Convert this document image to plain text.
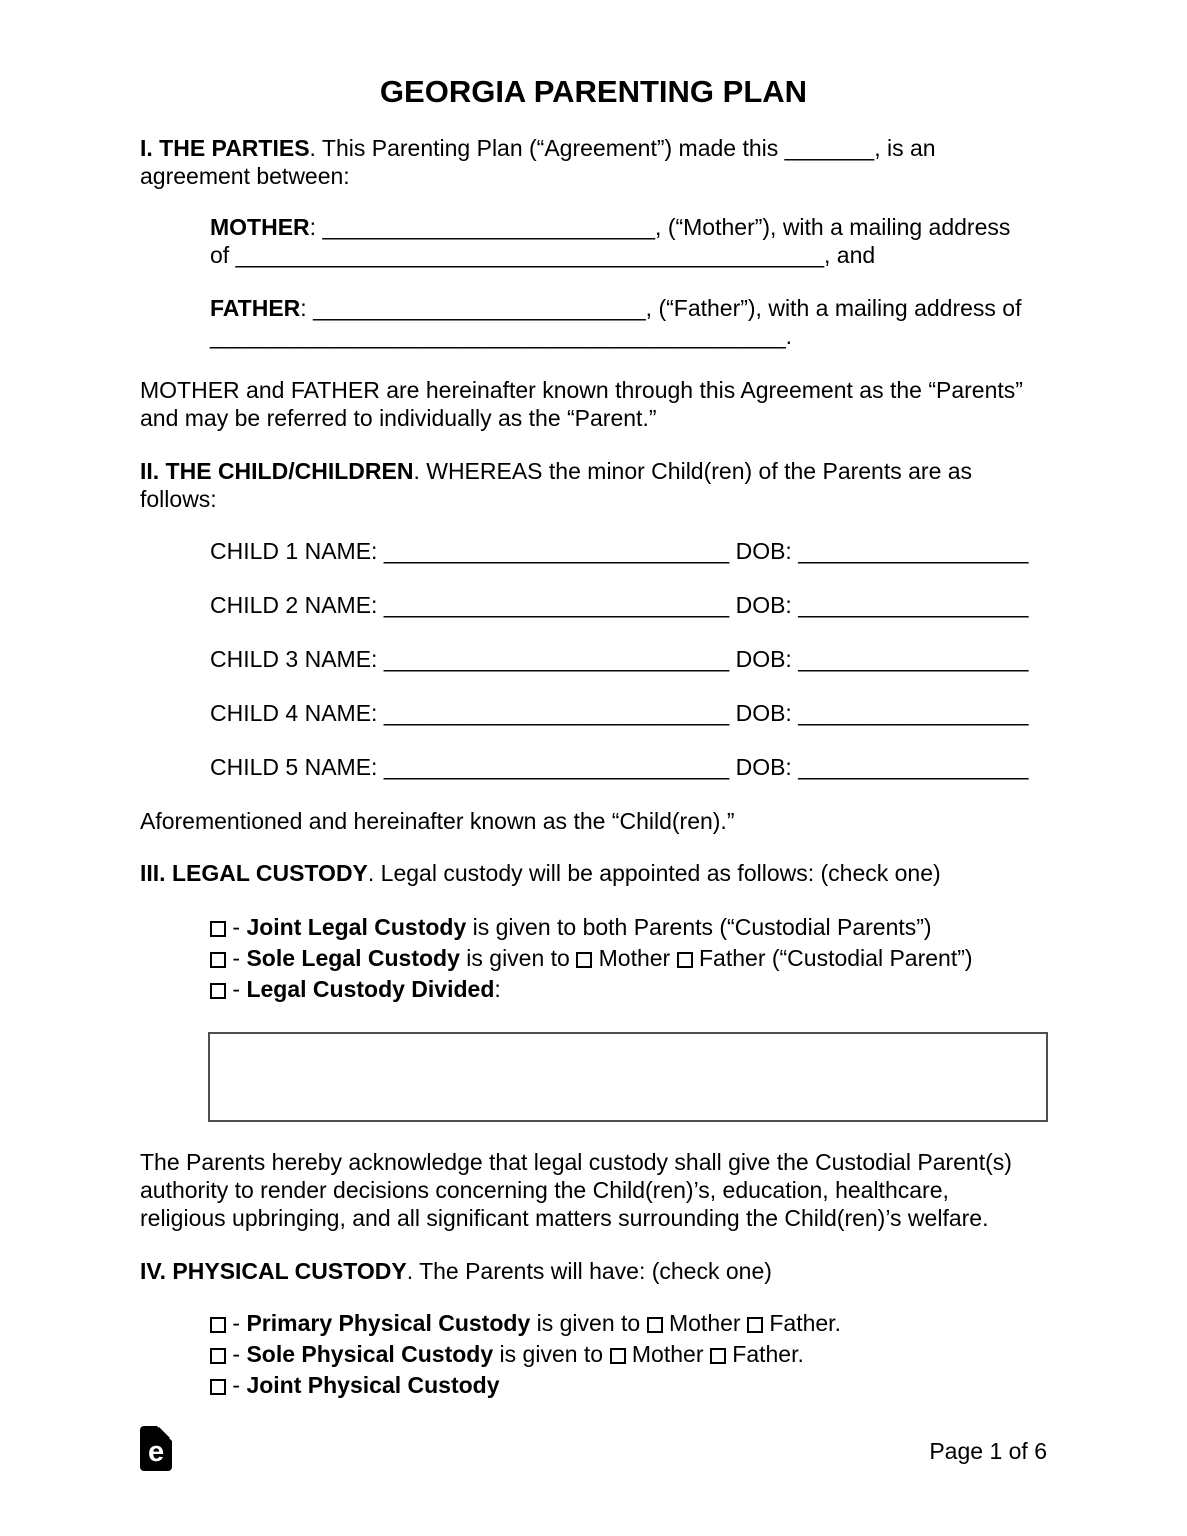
GEORGIA PARENTING PLAN
I. THE PARTIES. This Parenting Plan (“Agreement”) made this _______, is an
agreement between:
MOTHER: __________________________, (“Mother”), with a mailing address
of ______________________________________________, and
FATHER: __________________________, (“Father”), with a mailing address of
_____________________________________________.
MOTHER and FATHER are hereinafter known through this Agreement as the “Parents”
and may be referred to individually as the “Parent.”
II. THE CHILD/CHILDREN. WHEREAS the minor Child(ren) of the Parents are as
follows:
CHILD 1 NAME: ___________________________ DOB: __________________
CHILD 2 NAME: ___________________________ DOB: __________________
CHILD 3 NAME: ___________________________ DOB: __________________
CHILD 4 NAME: ___________________________ DOB: __________________
CHILD 5 NAME: ___________________________ DOB: __________________
Aforementioned and hereinafter known as the “Child(ren).”
III. LEGAL CUSTODY. Legal custody will be appointed as follows: (check one)
- Joint Legal Custody is given to both Parents (“Custodial Parents”)
- Sole Legal Custody is given to  Mother  Father (“Custodial Parent”)
- Legal Custody Divided:
The Parents hereby acknowledge that legal custody shall give the Custodial Parent(s)
authority to render decisions concerning the Child(ren)’s, education, healthcare,
religious upbringing, and all significant matters surrounding the Child(ren)’s welfare.
IV. PHYSICAL CUSTODY. The Parents will have: (check one)
- Primary Physical Custody is given to  Mother  Father.
- Sole Physical Custody is given to  Mother  Father.
- Joint Physical Custody
e	Page 1 of 6
